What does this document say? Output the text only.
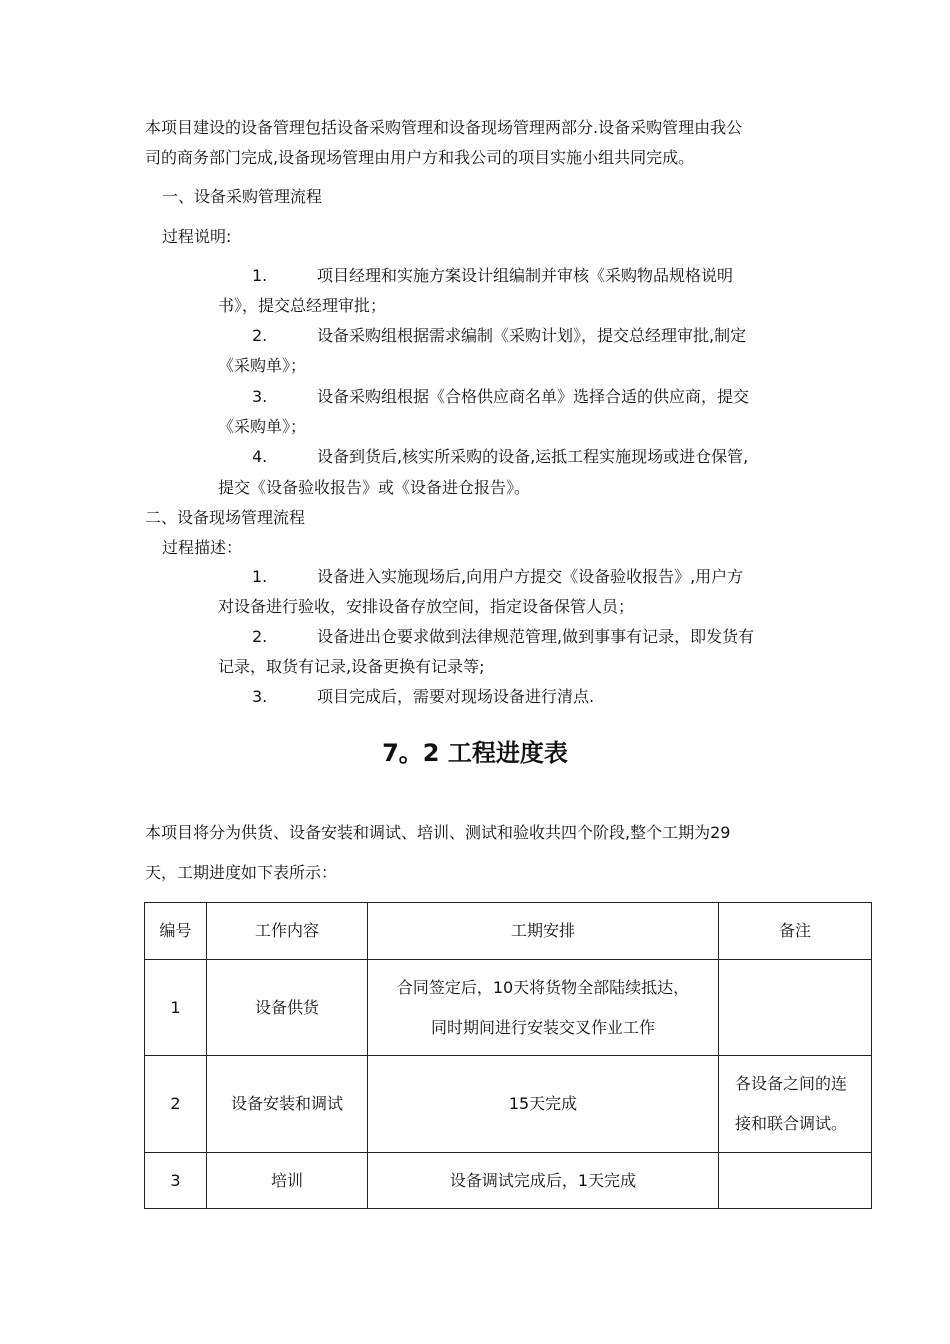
本项目建设的设备管理包括设备采购管理和设备现场管理两部分.设备采购管理由我公
司的商务部门完成,设备现场管理由用户方和我公司的项目实施小组共同完成。
一、设备采购管理流程
过程说明:
1.	项目经理和实施方案设计组编制并审核《采购物品规格说明
书》，提交总经理审批；
2.	设备采购组根据需求编制《采购计划》，提交总经理审批,制定
《采购单》；
3.	设备采购组根据《合格供应商名单》选择合适的供应商，提交
《采购单》；
4.	设备到货后,核实所采购的设备,运抵工程实施现场或进仓保管,
提交《设备验收报告》或《设备进仓报告》。
二、设备现场管理流程
过程描述：
1.	设备进入实施现场后,向用户方提交《设备验收报告》,用户方
对设备进行验收，安排设备存放空间，指定设备保管人员；
2.	设备进出仓要求做到法律规范管理,做到事事有记录，即发货有
记录，取货有记录,设备更换有记录等;
3.	项目完成后，需要对现场设备进行清点.
7。2 工程进度表
本项目将分为供货、设备安装和调试、培训、测试和验收共四个阶段,整个工期为29
天，工期进度如下表所示：
编号	工作内容	工期安排	备注
1	设备供货	合同签定后，10天将货物全部陆续抵达，
同时期间进行安装交叉作业工作	

2	设备安装和调试	15天完成	各设备之间的连
接和联合调试。

3	培训	设备调试完成后，1天完成	
